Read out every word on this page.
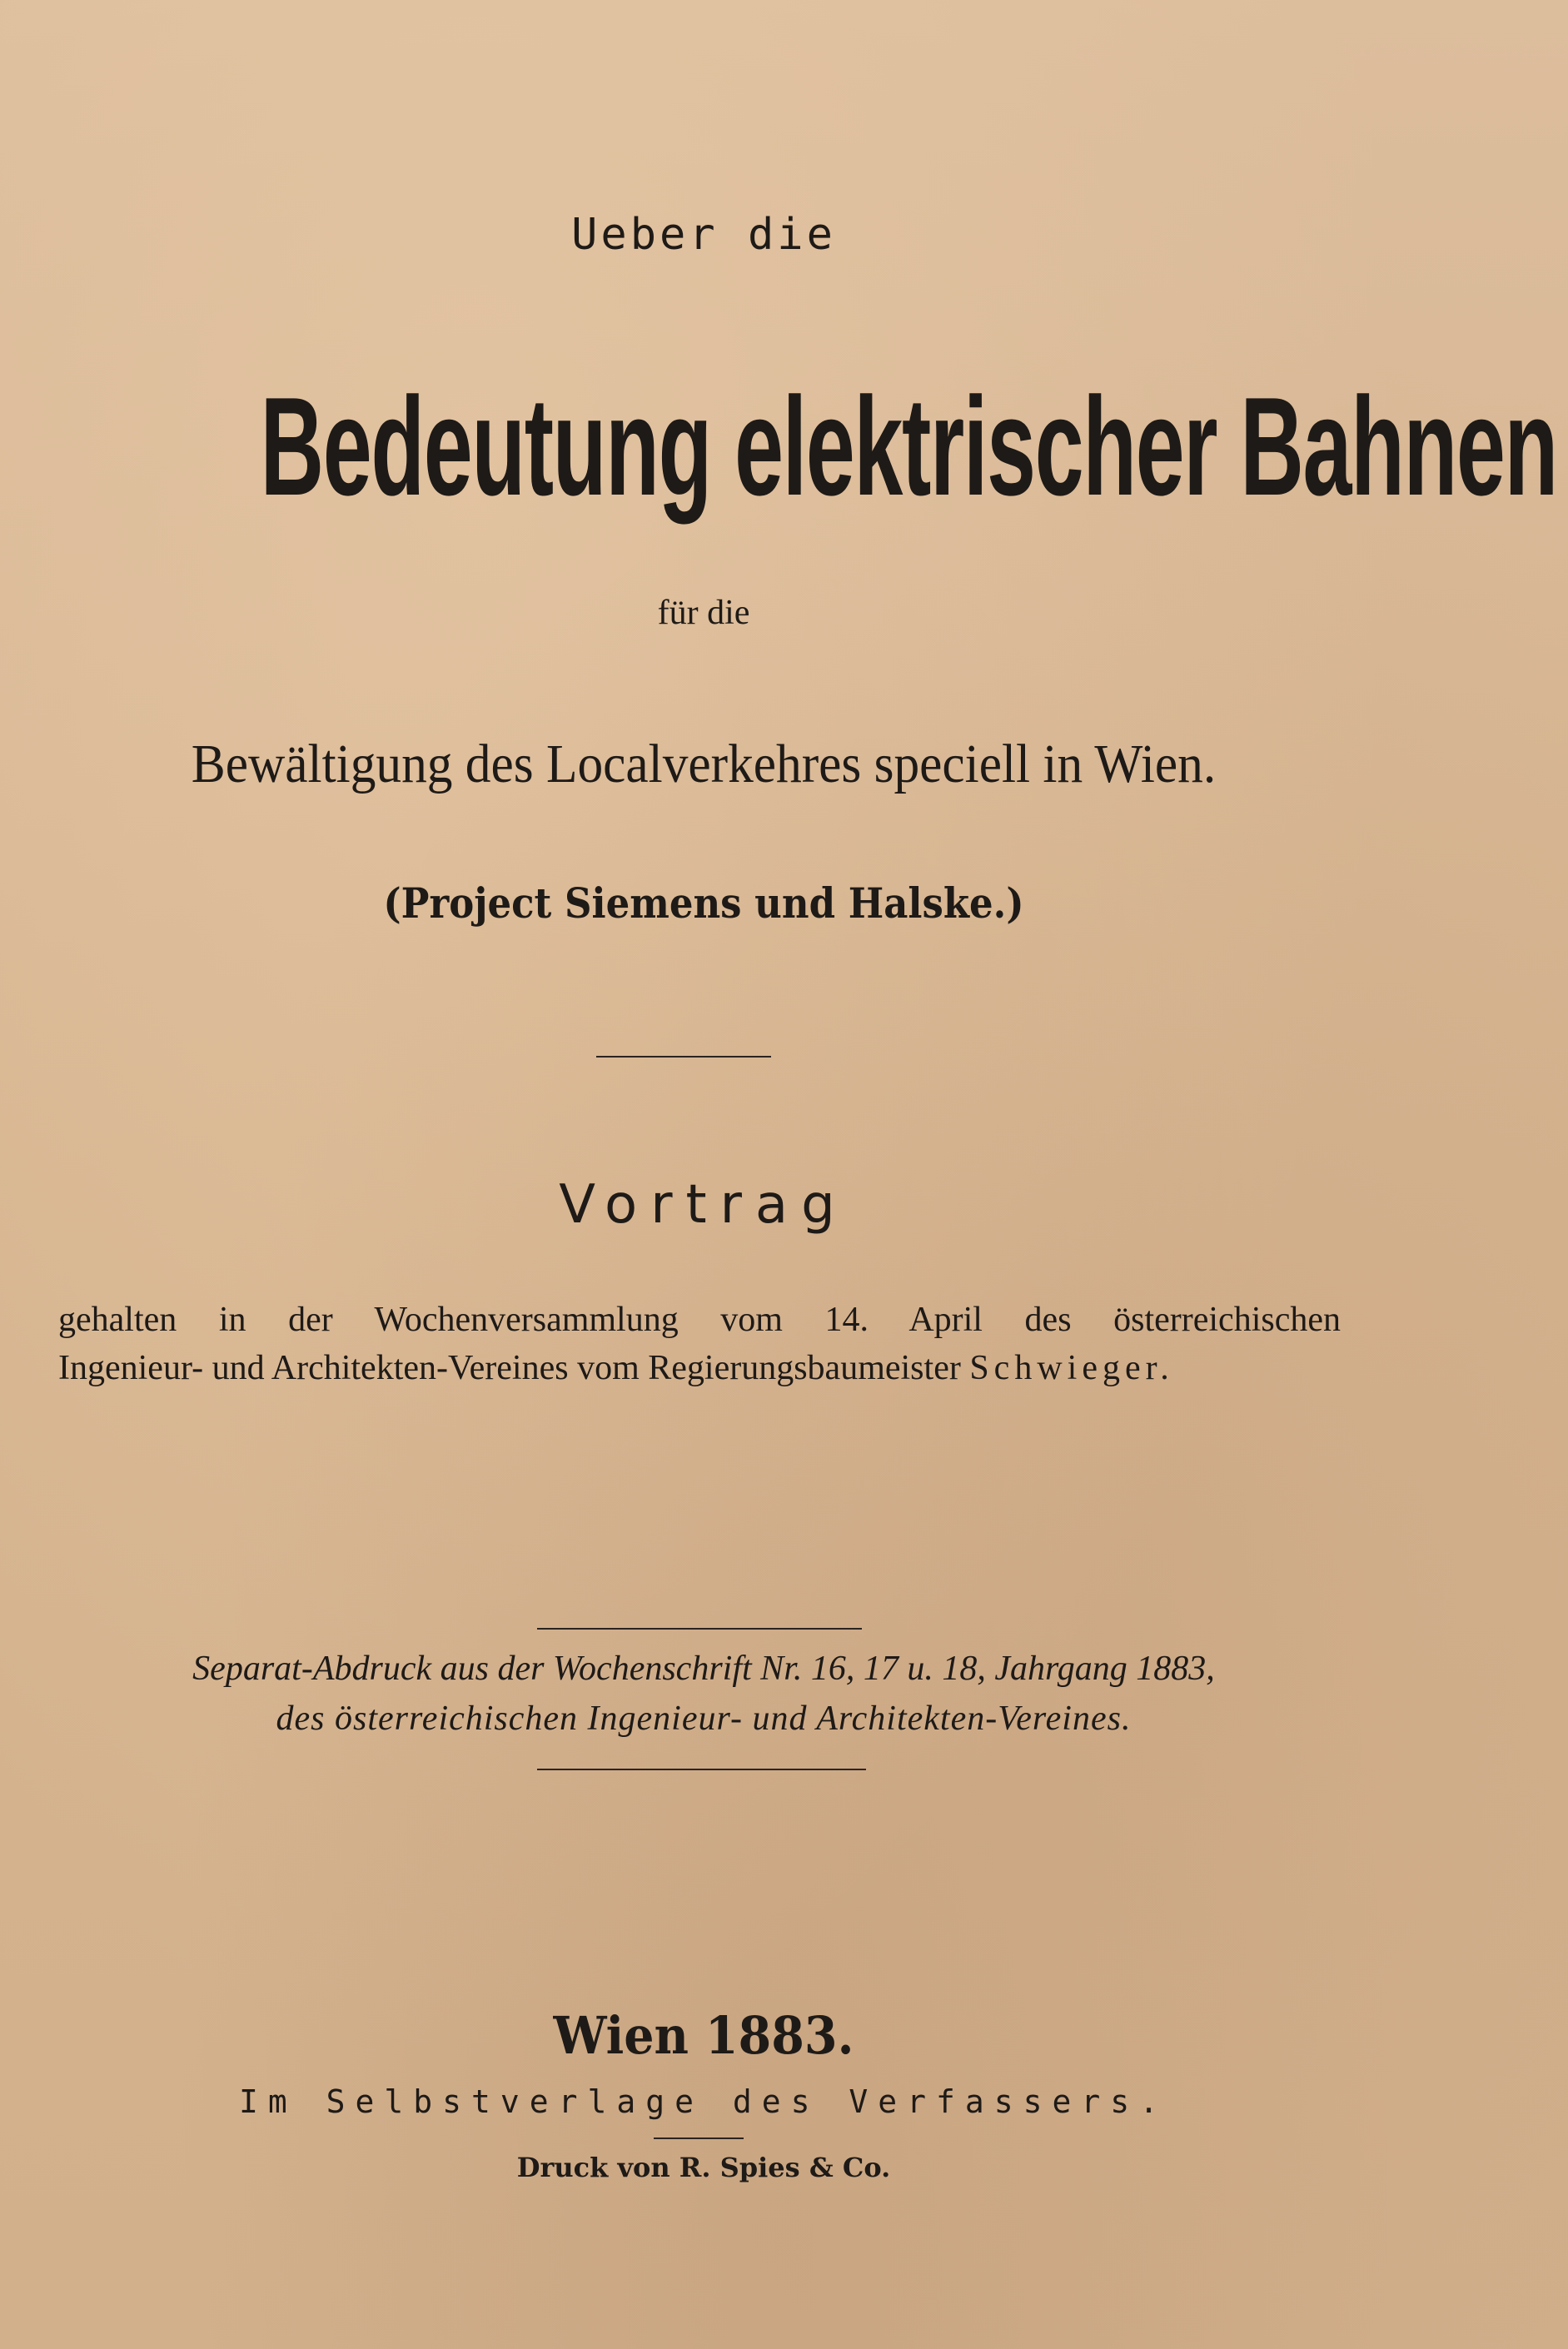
Ueber die

Bedeutung elektrischer Bahnen

für die

Bewältigung des Localverkehres speciell in Wien.

(Project Siemens und Halske.)

Vortrag

gehalten in der Wochenversammlung vom 14. April des österreichischen

Ingenieur- und Architekten-Vereines vom Regierungsbaumeister Schwieger.

Separat-Abdruck aus der Wochenschrift Nr. 16, 17 u. 18, Jahrgang 1883,

des österreichischen Ingenieur- und Architekten-Vereines.

Wien 1883.

Im Selbstverlage des Verfassers.

Druck von R. Spies & Co.
